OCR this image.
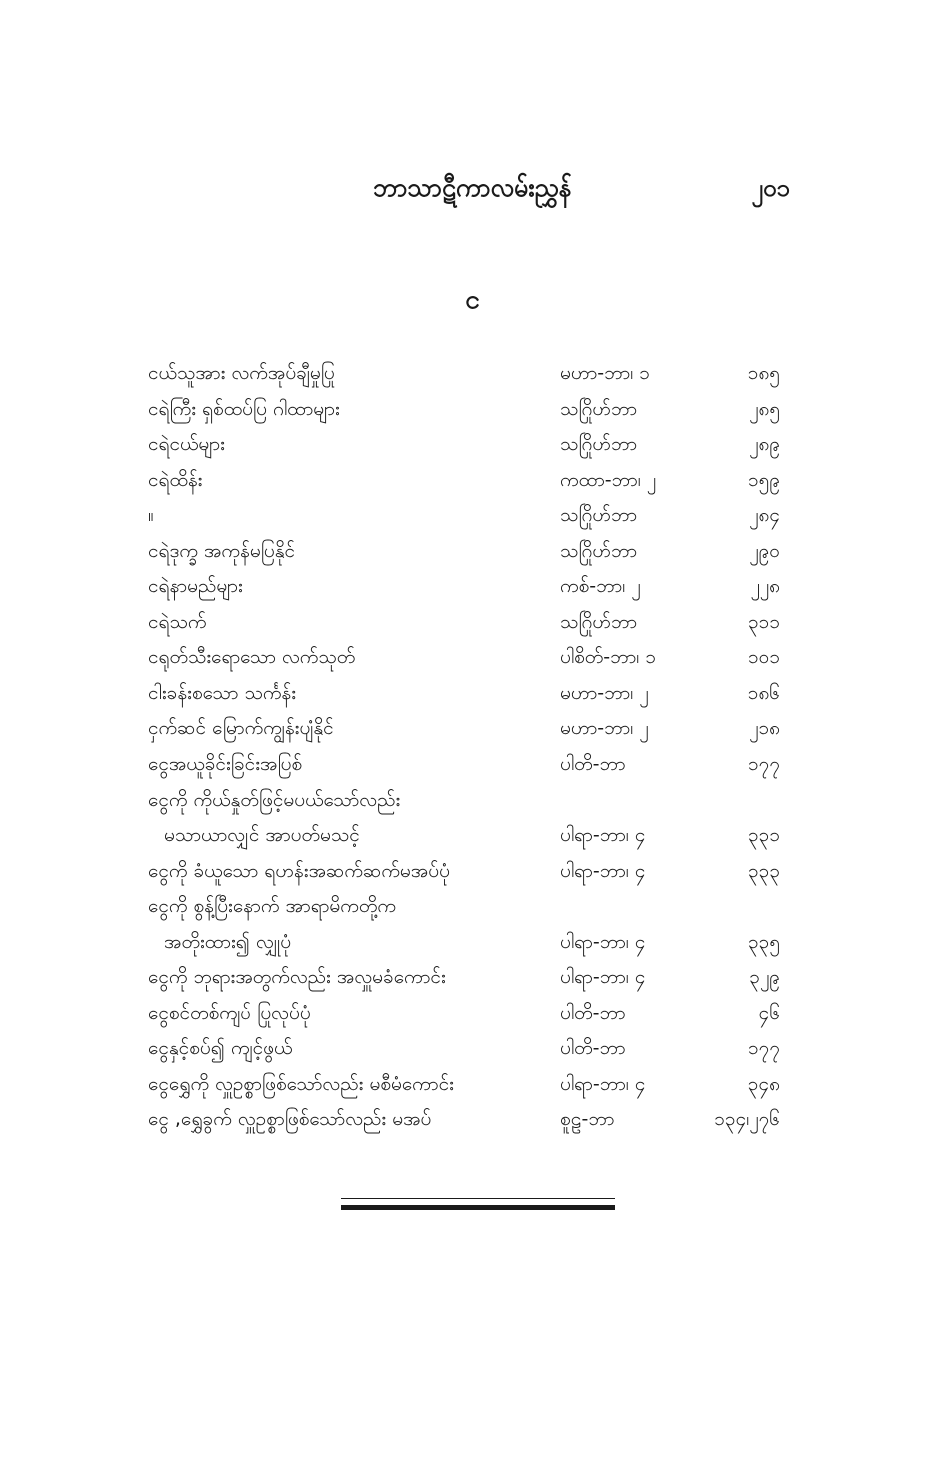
ဘာသာဋီကာလမ်းညွှန်	၂၀၁
င
ငယ်သူအား လက်အုပ်ချီမှုပြု	မဟာ-ဘာ၊ ၁	၁၈၅
ငရဲကြီး ရှစ်ထပ်ပြ ဂါထာများ	သဂြိုဟ်ဘာ	၂၈၅
ငရဲငယ်များ	သဂြိုဟ်ဘာ	၂၈၉
ငရဲထိန်း	ကထာ-ဘာ၊ ၂	၁၅၉
။	သဂြိုဟ်ဘာ	၂၈၄
ငရဲဒုက္ခ အကုန်မပြနိုင်	သဂြိုဟ်ဘာ	၂၉၀
ငရဲနာမည်များ	ကစ်-ဘာ၊ ၂	၂၂၈
ငရဲသက်	သဂြိုဟ်ဘာ	၃၁၁
ငရုတ်သီးရောသော လက်သုတ်	ပါစိတ်-ဘာ၊ ၁	၁၀၁
ငါးခန်းစသော သင်္ကန်း	မဟာ-ဘာ၊ ၂	၁၈၆
ငှက်ဆင် မြောက်ကျွန်းပျံနိုင်	မဟာ-ဘာ၊ ၂	၂၁၈
ငွေအယူခိုင်းခြင်းအပြစ်	ပါတိ-ဘာ	၁၇၇
ငွေကို ကိုယ်နှုတ်ဖြင့်မပယ်သော်လည်း
မသာယာလျှင် အာပတ်မသင့်	ပါရာ-ဘာ၊ ၄	၃၃၁
ငွေကို ခံယူသော ရဟန်းအဆက်ဆက်မအပ်ပုံ	ပါရာ-ဘာ၊ ၄	၃၃၃
ငွေကို စွန့်ပြီးနောက် အာရာမိကတို့က
အတိုးထား၍ လျှုပုံ	ပါရာ-ဘာ၊ ၄	၃၃၅
ငွေကို ဘုရားအတွက်လည်း အလှူမခံကောင်း	ပါရာ-ဘာ၊ ၄	၃၂၉
ငွေစင်တစ်ကျပ် ပြုလုပ်ပုံ	ပါတိ-ဘာ	၄၆
ငွေနှင့်စပ်၍ ကျင့်ဖွယ်	ပါတိ-ဘာ	၁၇၇
ငွေရွှေကို လှူဥစ္စာဖြစ်သော်လည်း မစီမံကောင်း	ပါရာ-ဘာ၊ ၄	၃၄၈
ငွေ ,ရွှေခွက် လှူဥစ္စာဖြစ်သော်လည်း မအပ်	စူဠ-ဘာ	၁၃၄၊၂၇၆
